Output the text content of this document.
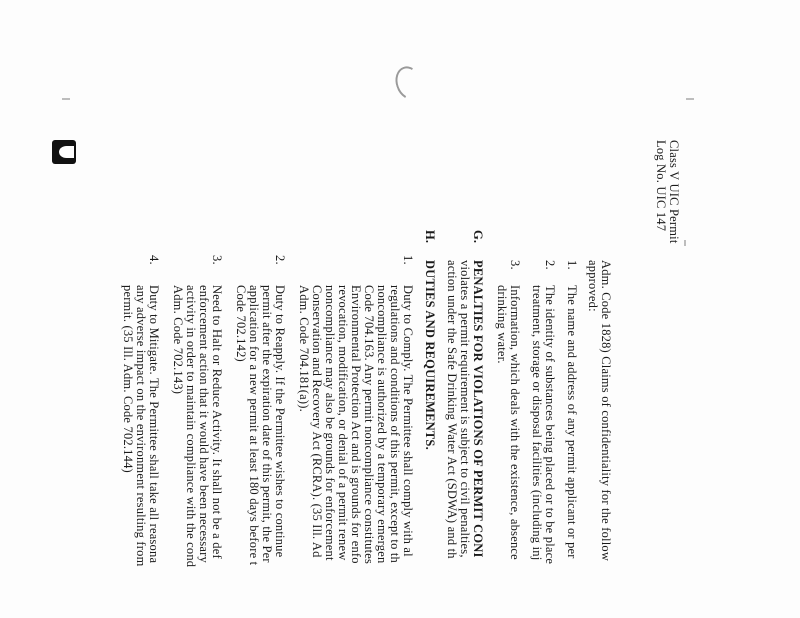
Class V UIC Permit
Log No. UIC 147
Adm. Code 1828) Claims of confidentiality for the follow
approved:
1.
The name and address of any permit applicant or per
2.
The identity of substances being placed or to be place
treatment, storage or disposal facilities (including inj
3.
Information, which deals with the existence, absence
drinking water.
G.
PENALTIES FOR VIOLATIONS OF PERMIT CONI
violates a permit requirement is subject to civil penalties,
action under the Safe Drinking Water Act (SDWA) and th
H.
DUTIES AND REQUIREMENTS.
1.
Duty to Comply. The Permittee shall comply with al
regulations and conditions of this permit, except to th
noncompliance is authorized by a temporary emergen
Code 704.163. Any permit noncompliance constitutes
Environmental Protection Act and is grounds for enfo
revocation, modification, or denial of a permit renew
noncompliance may also be grounds for enforcement
Conservation and Recovery Act (RCRA). (35 Ill. Ad
Adm. Code 704.181(a)).
2.
Duty to Reapply. If the Permittee wishes to continue
permit after the expiration date of this permit, the Per
application for a new permit at least 180 days before t
Code 702.142)
3.
Need to Halt or Reduce Activity. It shall not be a def
enforcement action that it would have been necessary
activity in order to maintain compliance with the cond
Adm. Code 702.143)
4.
Duty to Mitigate. The Permittee shall take all reasona
any adverse impact on the environment resulting from
permit. (35 Ill. Adm. Code 702.144)
